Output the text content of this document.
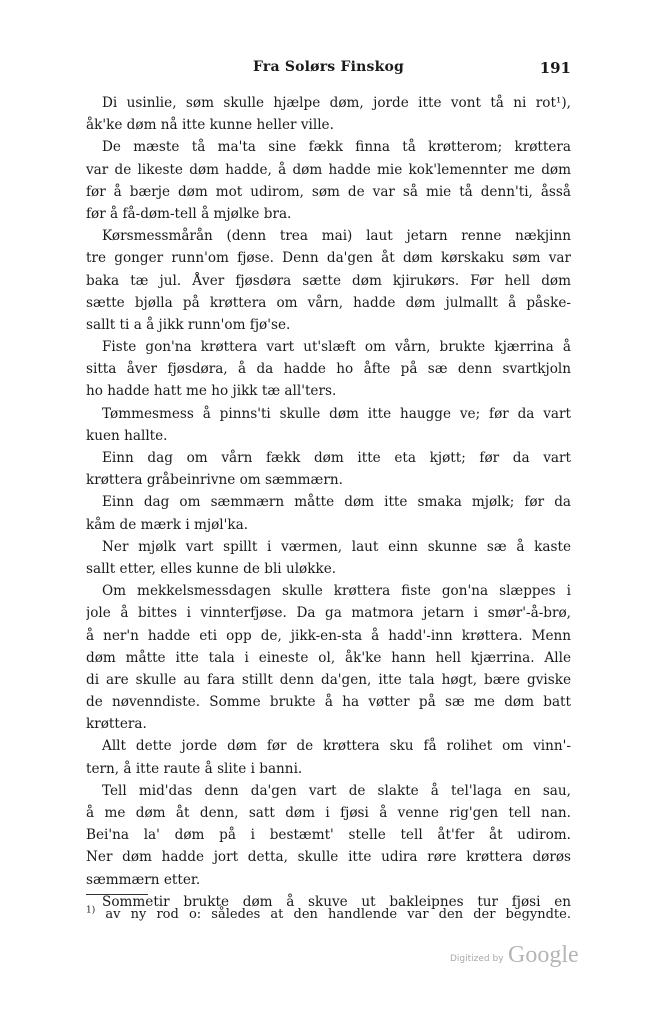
Fra Solørs Finskog	191
Di usinlie, søm skulle hjælpe døm, jorde itte vont tå ni rot¹),
åk'ke døm nå itte kunne heller ville.
De mæste tå ma'ta sine fækk finna tå krøtterom; krøttera
var de likeste døm hadde, å døm hadde mie kok'lemennter me døm
før å bærje døm mot udirom, søm de var så mie tå denn'ti, åsså
før å få-døm-tell å mjølke bra.
Kørsmessmårån (denn trea mai) laut jetarn renne nækjinn
tre gonger runn'om fjøse. Denn da'gen åt døm kørskaku søm var
baka tæ jul. Åver fjøsdøra sætte døm kjirukørs. Før hell døm
sætte bjølla på krøttera om vårn, hadde døm julmallt å påske-
sallt ti a å jikk runn'om fjø'se.
Fiste gon'na krøttera vart ut'slæft om vårn, brukte kjærrina å
sitta åver fjøsdøra, å da hadde ho åfte på sæ denn svartkjoln
ho hadde hatt me ho jikk tæ all'ters.
Tømmesmess å pinns'ti skulle døm itte haugge ve; før da vart
kuen hallte.
Einn dag om vårn fækk døm itte eta kjøtt; før da vart
krøttera gråbeinrivne om sæmmærn.
Einn dag om sæmmærn måtte døm itte smaka mjølk; før da
kåm de mærk i mjøl'ka.
Ner mjølk vart spillt i værmen, laut einn skunne sæ å kaste
sallt etter, elles kunne de bli uløkke.
Om mekkelsmessdagen skulle krøttera fiste gon'na slæppes i
jole å bittes i vinnterfjøse. Da ga matmora jetarn i smør'-å-brø,
å ner'n hadde eti opp de, jikk-en-sta å hadd'-inn krøttera. Menn
døm måtte itte tala i eineste ol, åk'ke hann hell kjærrina. Alle
di are skulle au fara stillt denn da'gen, itte tala høgt, bære gviske
de nøvenndiste. Somme brukte å ha vøtter på sæ me døm batt
krøttera.
Allt dette jorde døm før de krøttera sku få rolihet om vinn'-
tern, å itte raute å slite i banni.
Tell mid'das denn da'gen vart de slakte å tel'laga en sau,
å me døm åt denn, satt døm i fjøsi å venne rig'gen tell nan.
Bei'na la' døm på i bestæmt' stelle tell åt'fer åt udirom.
Ner døm hadde jort detta, skulle itte udira røre krøttera dørøs
sæmmærn etter.
Sommetir brukte døm å skuve ut bakleipnes tur fjøsi en
$^{1)}$ av ny rod o: således at den handlende var den der begyndte.
Digitized by Google
